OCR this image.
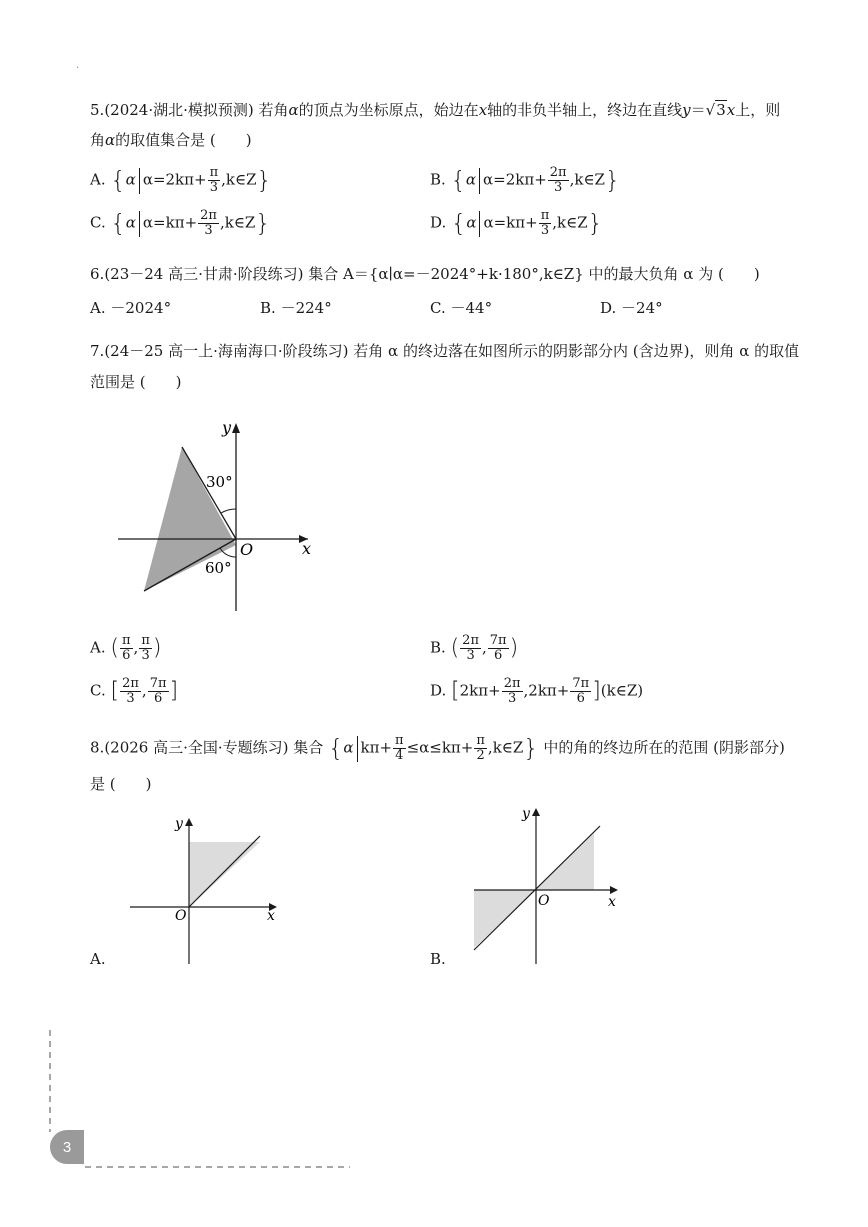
.
5.(2024·湖北·模拟预测) 若角α的顶点为坐标原点，始边在x轴的非负半轴上，终边在直线y＝√3x上，则
角α的取值集合是 (　　)
A. {α $\alpha=2k\pi+ \frac{\pi}{3}$ ,k∈Z}	B. {α $\alpha=2k\pi+ \frac{2\pi}{3}$ ,k∈Z}
C. {α $\alpha=k\pi+ \frac{2\pi}{3}$ ,k∈Z}	D. {α $\alpha=k\pi+ \frac{\pi}{3}$ ,k∈Z}
6.(23－24 高三·甘肃·阶段练习) 集合 A＝{α∣α=－2024°+k·180°,k∈Z} 中的最大负角 α 为 (　　)
A. －2024°	B. －224°	C. －44°	D. －24°
7.(24－25 高一上·海南海口·阶段练习) 若角 α 的终边落在如图所示的阴影部分内 (含边界)，则角 α 的取值
范围是 (　　)
30°
60°
O	x
y
A. ( $\frac{\pi}{6}$ , $\frac{\pi}{3}$ )	B. ( $\frac{2\pi}{3}$ , $\frac{7\pi}{6}$ )
C. [ $\frac{2\pi}{3}$ , $\frac{7\pi}{6}$ ]	D. [$2k\pi+ \frac{2\pi}{3} ,2k\pi+ \frac{7\pi}{6}$ ](k∈Z)
8.(2026 高三·全国·专题练习) 集合 {α $k\pi+ \frac{\pi}{4} \le\alpha\le k\pi+ \frac{\pi}{2}$ ,k∈Z} 中的角的终边所在的范围 (阴影部分)
是 (　　)
O	x
y
A.
O	x
y
B.
3
